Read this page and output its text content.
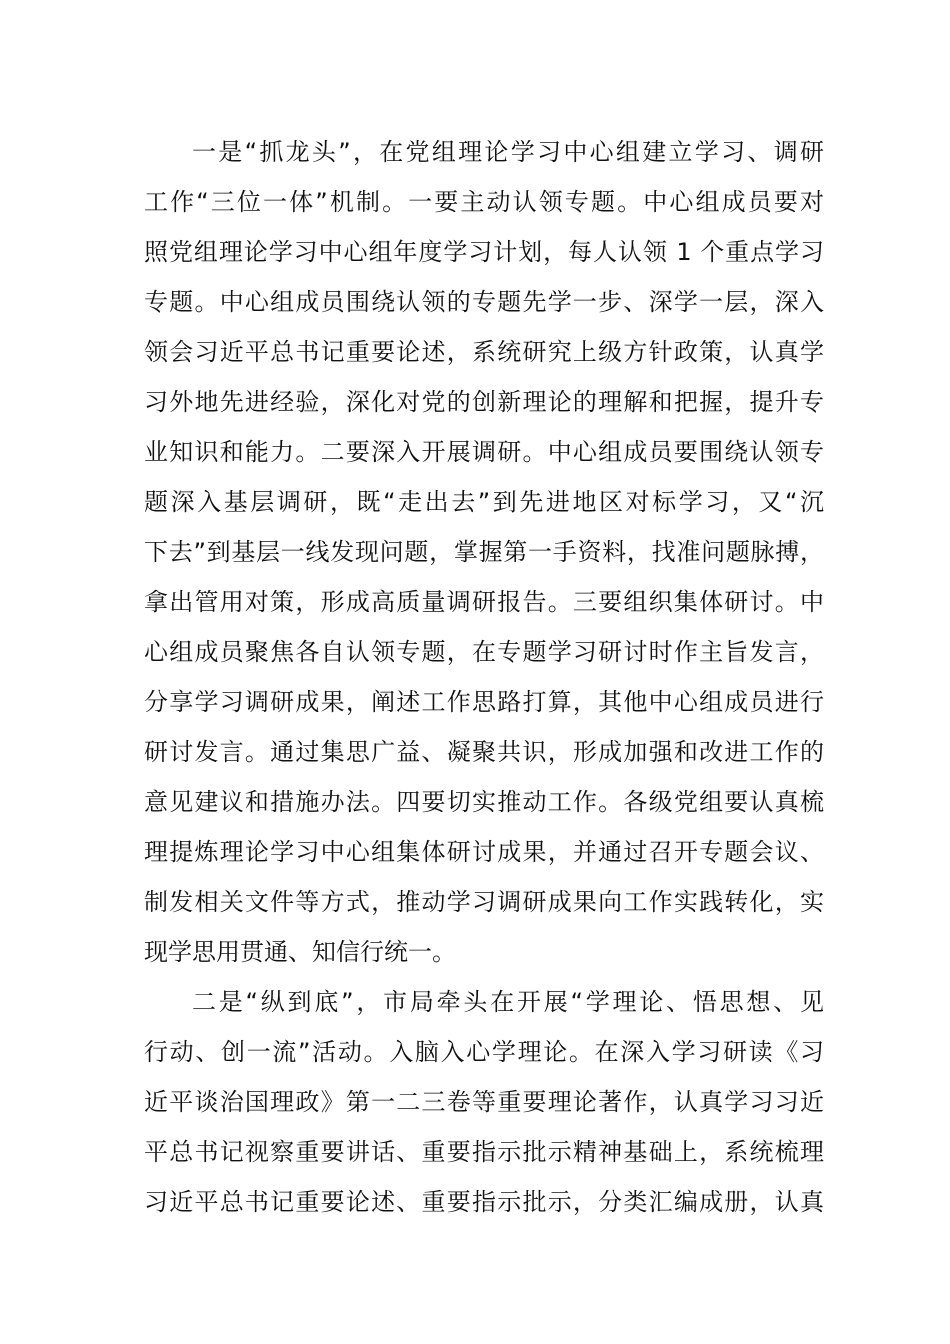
一是“抓龙头”，在党组理论学习中心组建立学习、调研
工作“三位一体”机制。一要主动认领专题。中心组成员要对
照党组理论学习中心组年度学习计划，每人认领 1 个重点学习
专题。中心组成员围绕认领的专题先学一步、深学一层，深入
领会习近平总书记重要论述，系统研究上级方针政策，认真学
习外地先进经验，深化对党的创新理论的理解和把握，提升专
业知识和能力。二要深入开展调研。中心组成员要围绕认领专
题深入基层调研，既“走出去”到先进地区对标学习，又“沉
下去”到基层一线发现问题，掌握第一手资料，找准问题脉搏，
拿出管用对策，形成高质量调研报告。三要组织集体研讨。中
心组成员聚焦各自认领专题，在专题学习研讨时作主旨发言，
分享学习调研成果，阐述工作思路打算，其他中心组成员进行
研讨发言。通过集思广益、凝聚共识，形成加强和改进工作的
意见建议和措施办法。四要切实推动工作。各级党组要认真梳
理提炼理论学习中心组集体研讨成果，并通过召开专题会议、
制发相关文件等方式，推动学习调研成果向工作实践转化，实
现学思用贯通、知信行统一。
二是“纵到底”，市局牵头在开展“学理论、悟思想、见
行动、创一流”活动。入脑入心学理论。在深入学习研读《习
近平谈治国理政》第一二三卷等重要理论著作，认真学习习近
平总书记视察重要讲话、重要指示批示精神基础上，系统梳理
习近平总书记重要论述、重要指示批示，分类汇编成册，认真
